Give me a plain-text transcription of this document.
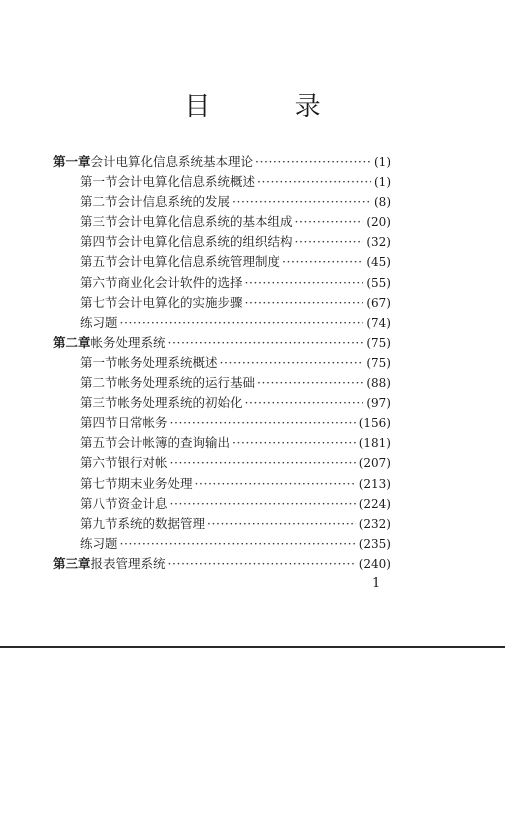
目 录
第一章 会计电算化信息系统基本理论 ·····	(1)
第一节 会计电算化信息系统概述 ·····	(1)
第二节 会计信息系统的发展 ·····	(8)
第三节 会计电算化信息系统的基本组成 ·····	(20)
第四节 会计电算化信息系统的组织结构 ·····	(32)
第五节 会计电算化信息系统管理制度 ·····	(45)
第六节 商业化会计软件的选择 ·····	(55)
第七节 会计电算化的实施步骤 ·····	(67)
练习题 ·····	(74)
第二章 帐务处理系统 ·····	(75)
第一节 帐务处理系统概述 ·····	(75)
第二节 帐务处理系统的运行基础 ·····	(88)
第三节 帐务处理系统的初始化 ·····	(97)
第四节 日常帐务 ·····	(156)
第五节 会计帐簿的查询输出 ·····	(181)
第六节 银行对帐 ·····	(207)
第七节 期末业务处理 ·····	(213)
第八节 资金计息 ·····	(224)
第九节 系统的数据管理 ·····	(232)
练习题 ·····	(235)
第三章 报表管理系统 ·····	(240)
1
